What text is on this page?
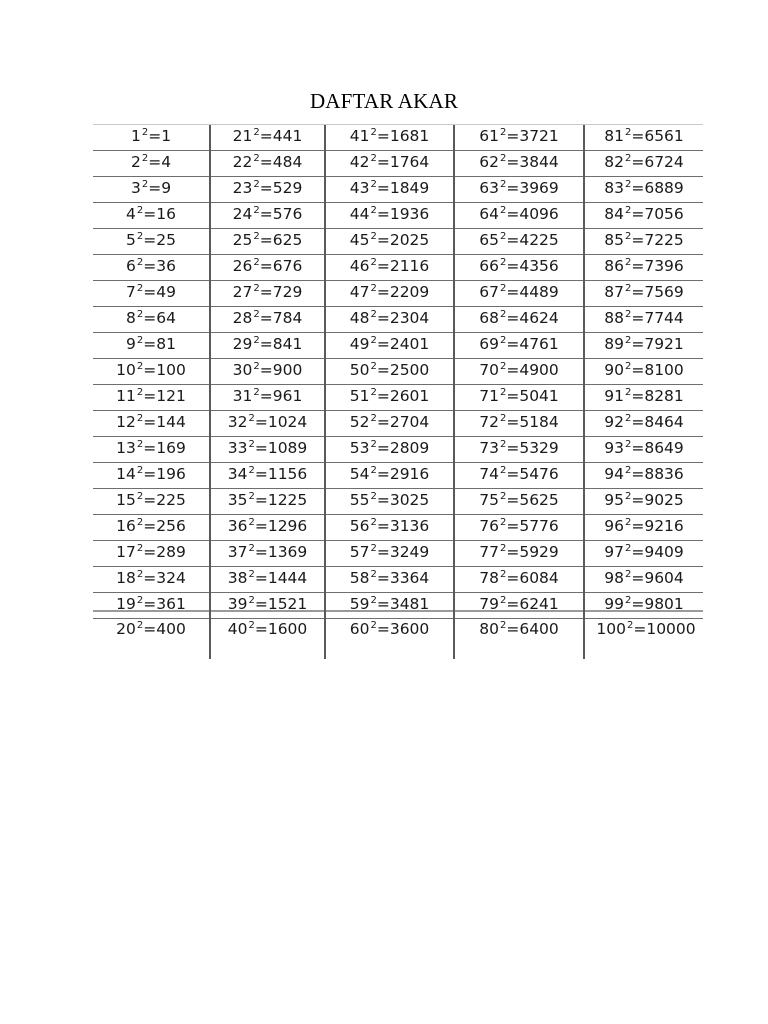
DAFTAR AKAR
$1^2=1$	$21^2=441$	$41^2=1681$	$61^2=3721$	$81^2=6561$
$2^2=4$	$22^2=484$	$42^2=1764$	$62^2=3844$	$82^2=6724$
$3^2=9$	$23^2=529$	$43^2=1849$	$63^2=3969$	$83^2=6889$
$4^2=16$	$24^2=576$	$44^2=1936$	$64^2=4096$	$84^2=7056$
$5^2=25$	$25^2=625$	$45^2=2025$	$65^2=4225$	$85^2=7225$
$6^2=36$	$26^2=676$	$46^2=2116$	$66^2=4356$	$86^2=7396$
$7^2=49$	$27^2=729$	$47^2=2209$	$67^2=4489$	$87^2=7569$
$8^2=64$	$28^2=784$	$48^2=2304$	$68^2=4624$	$88^2=7744$
$9^2=81$	$29^2=841$	$49^2=2401$	$69^2=4761$	$89^2=7921$
$10^2=100$	$30^2=900$	$50^2=2500$	$70^2=4900$	$90^2=8100$
$11^2=121$	$31^2=961$	$51^2=2601$	$71^2=5041$	$91^2=8281$
$12^2=144$	$32^2=1024$	$52^2=2704$	$72^2=5184$	$92^2=8464$
$13^2=169$	$33^2=1089$	$53^2=2809$	$73^2=5329$	$93^2=8649$
$14^2=196$	$34^2=1156$	$54^2=2916$	$74^2=5476$	$94^2=8836$
$15^2=225$	$35^2=1225$	$55^2=3025$	$75^2=5625$	$95^2=9025$
$16^2=256$	$36^2=1296$	$56^2=3136$	$76^2=5776$	$96^2=9216$
$17^2=289$	$37^2=1369$	$57^2=3249$	$77^2=5929$	$97^2=9409$
$18^2=324$	$38^2=1444$	$58^2=3364$	$78^2=6084$	$98^2=9604$
$19^2=361$	$39^2=1521$	$59^2=3481$	$79^2=6241$	$99^2=9801$
$20^2=400$	$40^2=1600$	$60^2=3600$	$80^2=6400$	$100^2=10000$
